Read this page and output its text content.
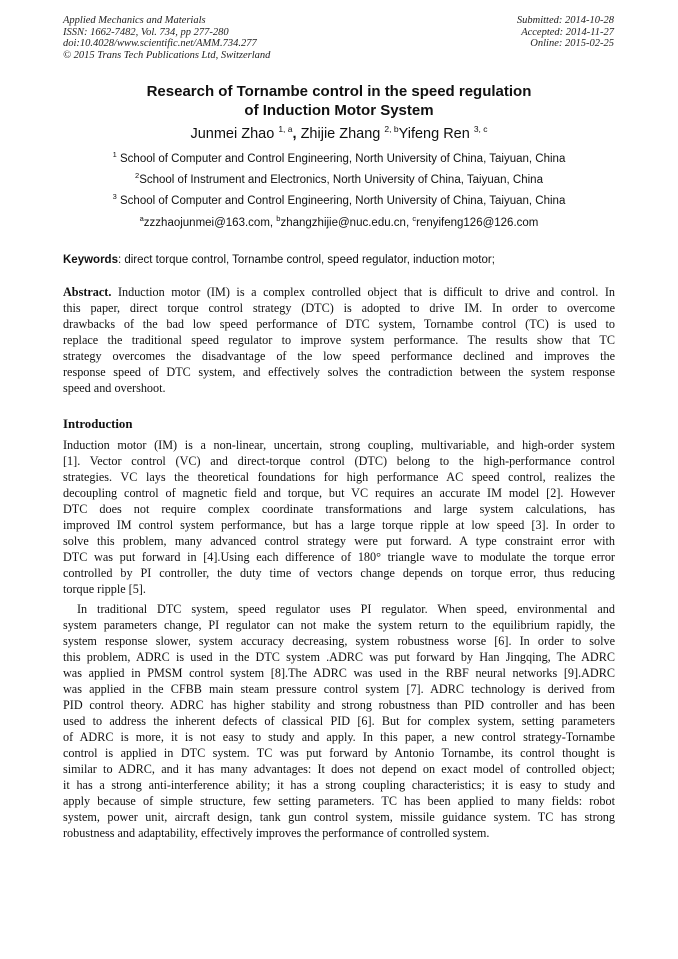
Applied Mechanics and Materials
ISSN: 1662-7482, Vol. 734, pp 277-280
doi:10.4028/www.scientific.net/AMM.734.277
© 2015 Trans Tech Publications Ltd, Switzerland
Submitted: 2014-10-28
Accepted: 2014-11-27
Online: 2015-02-25
Research of Tornambe control in the speed regulation
of Induction Motor System
Junmei Zhao $^{1, a}$, Zhijie Zhang $^{2, b}$Yifeng Ren $^{3, c}$
$^1$ School of Computer and Control Engineering, North University of China, Taiyuan, China
$^2$School of Instrument and Electronics, North University of China, Taiyuan, China
$^3$ School of Computer and Control Engineering, North University of China, Taiyuan, China
$^a$zzzhaojunmei@163.com, $^b$zhangzhijie@nuc.edu.cn, $^c$renyifeng126@126.com
Keywords: direct torque control, Tornambe control, speed regulator, induction motor;
Abstract. Induction motor (IM) is a complex controlled object that is difficult to drive and control. In
this paper, direct torque control strategy (DTC) is adopted to drive IM. In order to overcome
drawbacks of the bad low speed performance of DTC system, Tornambe control (TC) is used to
replace the traditional speed regulator to improve system performance. The results show that TC
strategy overcomes the disadvantage of the low speed performance declined and improves the
response speed of DTC system, and effectively solves the contradiction between the system response
speed and overshoot.
Introduction
Induction motor (IM) is a non-linear, uncertain, strong coupling, multivariable, and high-order system
[1]. Vector control (VC) and direct-torque control (DTC) belong to the high-performance control
strategies. VC lays the theoretical foundations for high performance AC speed control, realizes the
decoupling control of magnetic field and torque, but VC requires an accurate IM model [2]. However
DTC does not require complex coordinate transformations and large system calculations, has
improved IM control system performance, but has a large torque ripple at low speed [3]. In order to
solve this problem, many advanced control strategy were put forward. A type constraint error with
DTC was put forward in [4].Using each difference of 180° triangle wave to modulate the torque error
controlled by PI controller, the duty time of vectors change depends on torque error, thus reducing
torque ripple [5].
In traditional DTC system, speed regulator uses PI regulator. When speed, environmental and
system parameters change, PI regulator can not make the system return to the equilibrium rapidly, the
system response slower, system accuracy decreasing, system robustness worse [6]. In order to solve
this problem, ADRC is used in the DTC system .ADRC was put forward by Han Jingqing, The ADRC
was applied in PMSM control system [8].The ADRC was used in the RBF neural networks [9].ADRC
was applied in the CFBB main steam pressure control system [7]. ADRC technology is derived from
PID control theory. ADRC has higher stability and strong robustness than PID controller and has been
used to address the inherent defects of classical PID [6]. But for complex system, setting parameters
of ADRC is more, it is not easy to study and apply. In this paper, a new control strategy-Tornambe
control is applied in DTC system. TC was put forward by Antonio Tornambe, its control thought is
similar to ADRC, and it has many advantages: It does not depend on exact model of controlled object;
it has a strong anti-interference ability; it has a strong coupling characteristics; it is easy to study and
apply because of simple structure, few setting parameters. TC has been applied to many fields: robot
system, power unit, aircraft design, tank gun control system, missile guidance system. TC has strong
robustness and adaptability, effectively improves the performance of controlled system.
